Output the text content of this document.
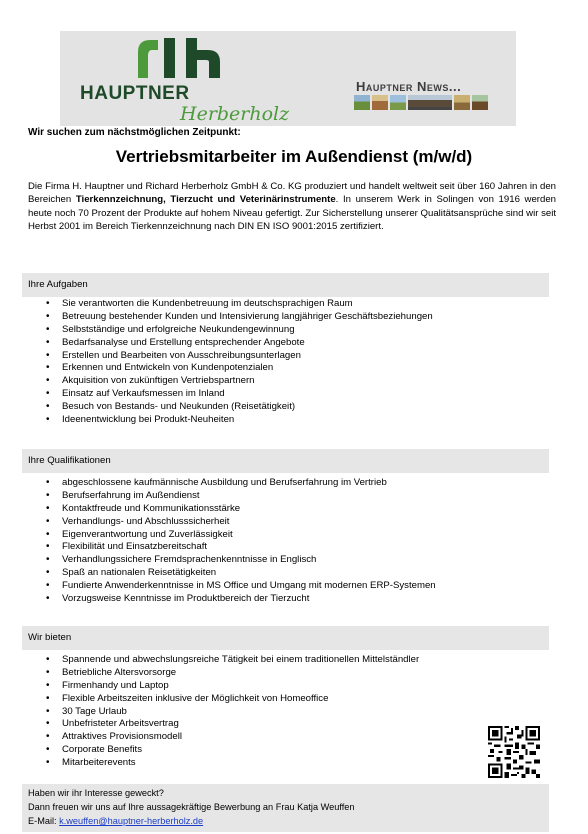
HAUPTNER
Herberholz
Hauptner News...
Wir suchen zum nächstmöglichen Zeitpunkt:
Vertriebsmitarbeiter im Außendienst (m/w/d)
Die Firma H. Hauptner und Richard Herberholz GmbH & Co. KG produziert und handelt weltweit seit über 160 Jahren in den Bereichen Tierkennzeichnung, Tierzucht und Veterinärinstrumente. In unserem Werk in Solingen von 1916 werden heute noch 70 Prozent der Produkte auf hohem Niveau gefertigt. Zur Sicherstellung unserer Qualitätsansprüche sind wir seit Herbst 2001 im Bereich Tierkennzeichnung nach DIN EN ISO 9001:2015 zertifiziert.
Ihre Aufgaben
• Sie verantworten die Kundenbetreuung im deutschsprachigen Raum
• Betreuung bestehender Kunden und Intensivierung langjähriger Geschäftsbeziehungen
• Selbstständige und erfolgreiche Neukundengewinnung
• Bedarfsanalyse und Erstellung entsprechender Angebote
• Erstellen und Bearbeiten von Ausschreibungsunterlagen
• Erkennen und Entwickeln von Kundenpotenzialen
• Akquisition von zukünftigen Vertriebspartnern
• Einsatz auf Verkaufsmessen im Inland
• Besuch von Bestands- und Neukunden (Reisetätigkeit)
• Ideenentwicklung bei Produkt-Neuheiten
Ihre Qualifikationen
• abgeschlossene kaufmännische Ausbildung und Berufserfahrung im Vertrieb
• Berufserfahrung im Außendienst
• Kontaktfreude und Kommunikationsstärke
• Verhandlungs- und Abschlusssicherheit
• Eigenverantwortung und Zuverlässigkeit
• Flexibilität und Einsatzbereitschaft
• Verhandlungssichere Fremdsprachenkenntnisse in Englisch
• Spaß an nationalen Reisetätigkeiten
• Fundierte Anwenderkenntnisse in MS Office und Umgang mit modernen ERP-Systemen
• Vorzugsweise Kenntnisse im Produktbereich der Tierzucht
Wir bieten
• Spannende und abwechslungsreiche Tätigkeit bei einem traditionellen Mittelständler
• Betriebliche Altersvorsorge
• Firmenhandy und Laptop
• Flexible Arbeitszeiten inklusive der Möglichkeit von Homeoffice
• 30 Tage Urlaub
• Unbefristeter Arbeitsvertrag
• Attraktives Provisionsmodell
• Corporate Benefits
• Mitarbeiterevents
Haben wir ihr Interesse geweckt?
Dann freuen wir uns auf Ihre aussagekräftige Bewerbung an Frau Katja Weuffen
E-Mail: k.weuffen@hauptner-herberholz.de
